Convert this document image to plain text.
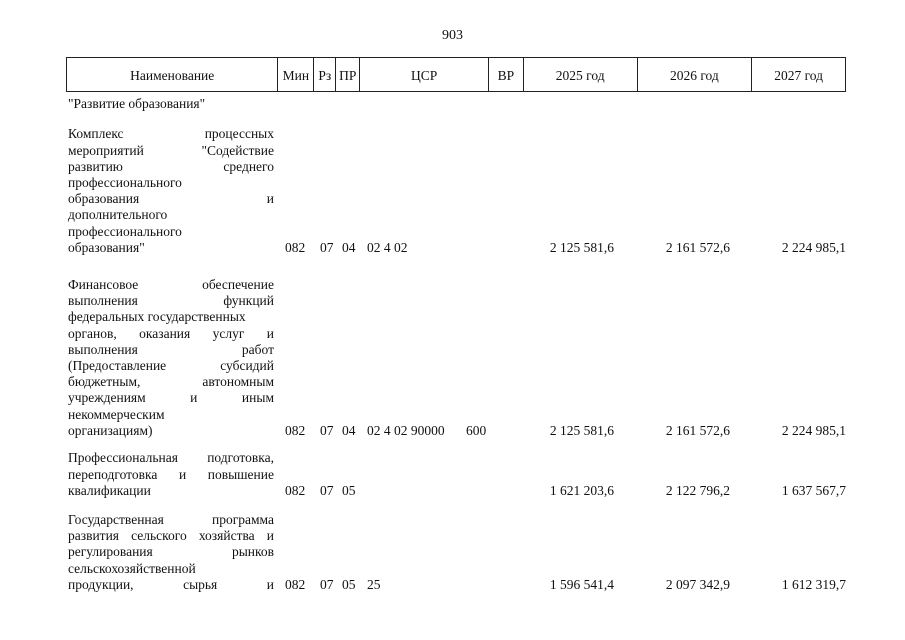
903
Наименование	Мин Рз ПР	ЦСР	ВР	2025 год	2026 год	2027 год
"Развитие образования"
Комплекс процессных
мероприятий "Содействие
развитию среднего
профессионального
образования и
дополнительного
профессионального
образования"	082 07 04 02 4 02	2 125 581,6	2 161 572,6	2 224 985,1
Финансовое обеспечение
выполнения функций
федеральных государственных
органов, оказания услуг и
выполнения работ
(Предоставление субсидий
бюджетным, автономным
учреждениям и иным
некоммерческим
организациям)	082 07 04 02 4 02 90000 600	2 125 581,6	2 161 572,6	2 224 985,1
Профессиональная подготовка,
переподготовка и повышение
квалификации	082 07 05	1 621 203,6	2 122 796,2	1 637 567,7
Государственная программа
развития сельского хозяйства и
регулирования рынков
сельскохозяйственной
продукции, сырья и 082 07 05 25	1 596 541,4	2 097 342,9	1 612 319,7
